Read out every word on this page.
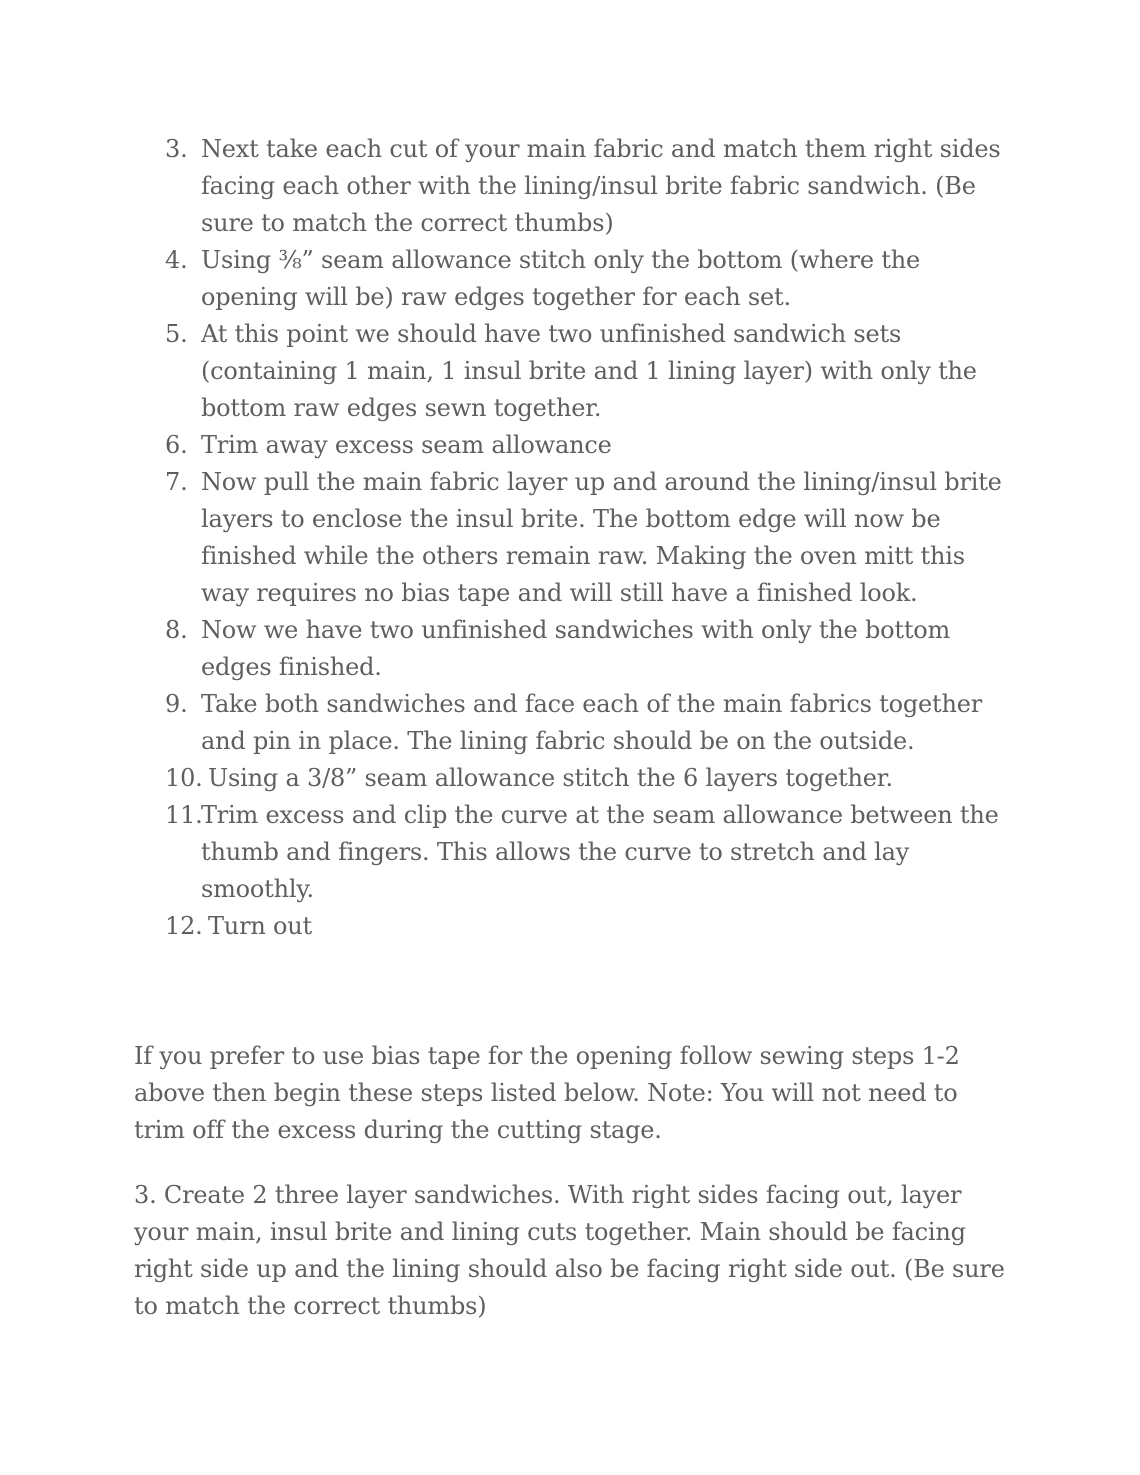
3. Next take each cut of your main fabric and match them right sides facing each other with the lining/insul brite fabric sandwich. (Be sure to match the correct thumbs)
4. Using ⅜” seam allowance stitch only the bottom (where the opening will be) raw edges together for each set.
5. At this point we should have two unfinished sandwich sets (containing 1 main, 1 insul brite and 1 lining layer) with only the bottom raw edges sewn together.
6. Trim away excess seam allowance
7. Now pull the main fabric layer up and around the lining/insul brite layers to enclose the insul brite. The bottom edge will now be finished while the others remain raw. Making the oven mitt this way requires no bias tape and will still have a finished look.
8. Now we have two unfinished sandwiches with only the bottom edges finished.
9. Take both sandwiches and face each of the main fabrics together and pin in place. The lining fabric should be on the outside.
10. Using a 3/8” seam allowance stitch the 6 layers together.
11.
Trim excess and clip the curve at the seam allowance between the thumb and fingers. This allows the curve to stretch and lay smoothly.
12. Turn out

If you prefer to use bias tape for the opening follow sewing steps 1-2 above then begin these steps listed below. Note: You will not need to trim off the excess during the cutting stage.

3. Create 2 three layer sandwiches. With right sides facing out, layer your main, insul brite and lining cuts together. Main should be facing right side up and the lining should also be facing right side out. (Be sure to match the correct thumbs)
